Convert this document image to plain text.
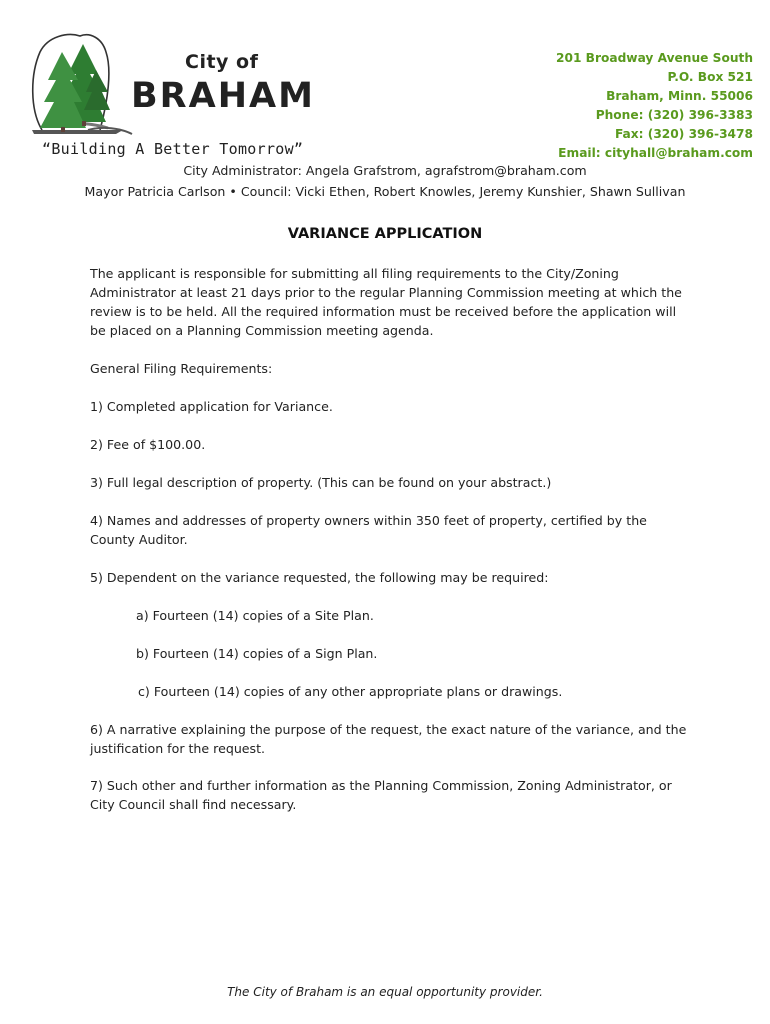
City of
BRAHAM
“Building A Better Tomorrow”
201 Broadway Avenue South
P.O. Box 521
Braham, Minn. 55006
Phone: (320) 396-3383
Fax: (320) 396-3478
Email: cityhall@braham.com
City Administrator: Angela Grafstrom, agrafstrom@braham.com
Mayor Patricia Carlson • Council: Vicki Ethen, Robert Knowles, Jeremy Kunshier, Shawn Sullivan
VARIANCE APPLICATION
The applicant is responsible for submitting all filing requirements to the City/Zoning Administrator at least 21 days prior to the regular Planning Commission meeting at which the review is to be held. All the required information must be received before the application will be placed on a Planning Commission meeting agenda.
General Filing Requirements:
1) Completed application for Variance.
2) Fee of $100.00.
3) Full legal description of property. (This can be found on your abstract.)
4) Names and addresses of property owners within 350 feet of property, certified by the County Auditor.
5) Dependent on the variance requested, the following may be required:
a) Fourteen (14) copies of a Site Plan.
b) Fourteen (14) copies of a Sign Plan.
c) Fourteen (14) copies of any other appropriate plans or drawings.
6) A narrative explaining the purpose of the request, the exact nature of the variance, and the justification for the request.
7) Such other and further information as the Planning Commission, Zoning Administrator, or City Council shall find necessary.
The City of Braham is an equal opportunity provider.
